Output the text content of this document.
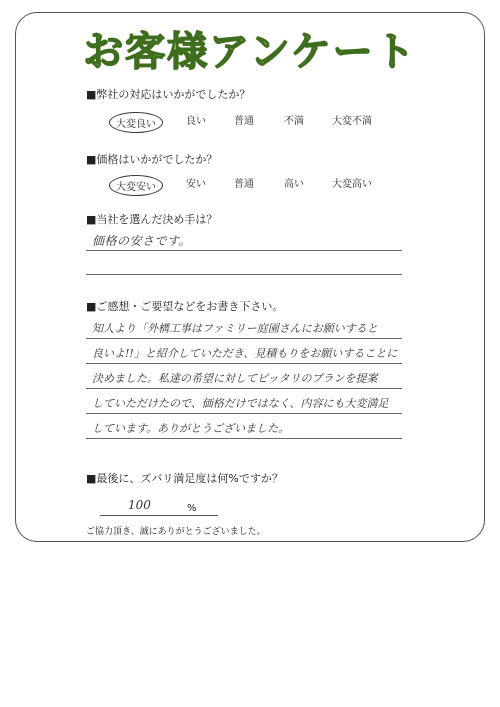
お客様アンケート
■弊社の対応はいかがでしたか？
大変良い	良い	普通	不満	大変不満
■価格はいかがでしたか？
大変安い	安い	普通	高い	大変高い
■当社を選んだ決め手は？
価格の安さです。
■ご感想・ご要望などをお書き下さい。
知人より「外構工事はファミリー庭園さんにお願いすると
良いよ!!」と紹介していただき、見積もりをお願いすることに
決めました。私達の希望に対してピッタリのプランを提案
していただけたので、価格だけではなく、内容にも大変満足
しています。ありがとうございました。
■最後に、ズバリ満足度は何%ですか？
100	%
ご協力頂き、誠にありがとうございました。
